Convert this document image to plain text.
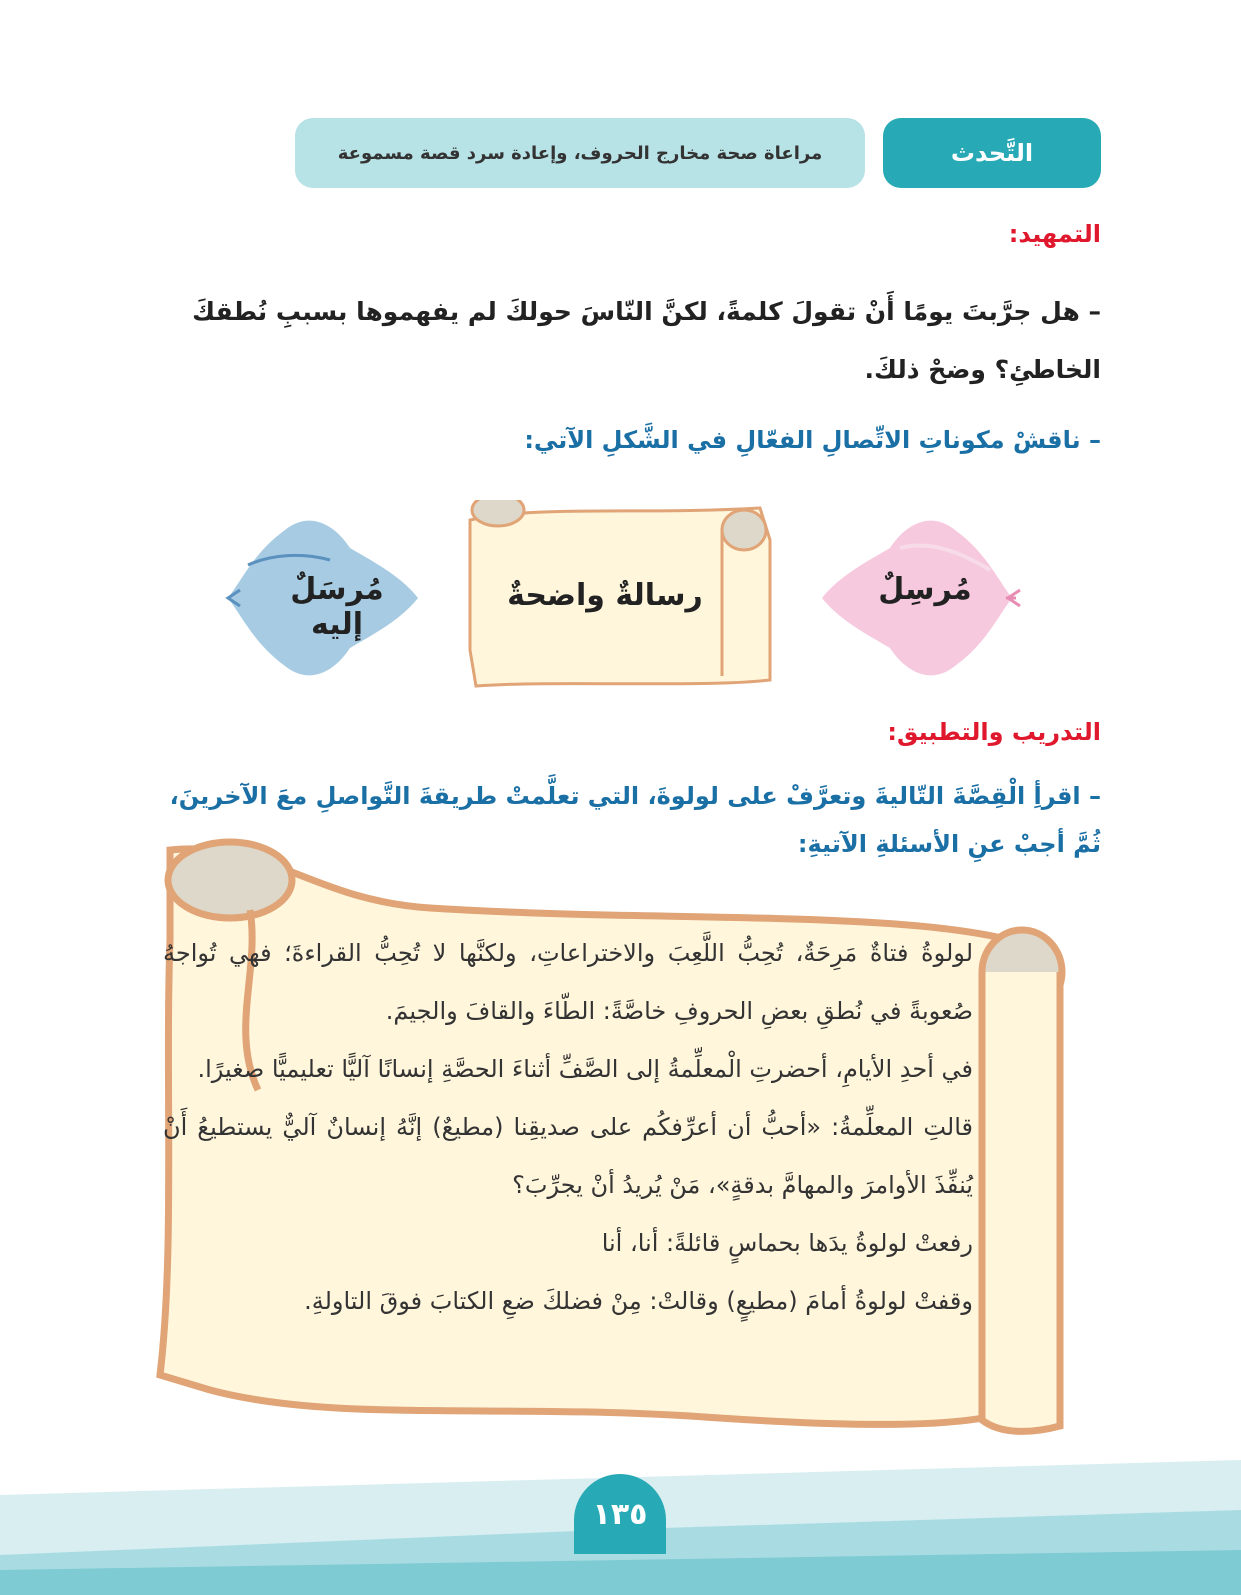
التَّحدث
مراعاة صحة مخارج الحروف، وإعادة سرد قصة مسموعة
التمهيد:
– هل جرَّبتَ يومًا أَنْ تقولَ كلمةً، لكنَّ النّاسَ حولكَ لم يفهموها بسببِ نُطقكَ الخاطئِ؟ وضحْ ذلكَ.
– ناقشْ مكوناتِ الاتِّصالِ الفعّالِ في الشَّكلِ الآتي:
مُرسِلٌ
رسالةٌ واضحةٌ
مُرسَلٌ إليه
التدريب والتطبيق:
– اقرأِ الْقِصَّةَ التّاليةَ وتعرَّفْ على لولوةَ، التي تعلَّمتْ طريقةَ التَّواصلِ معَ الآخرينَ،
ثُمَّ أجبْ عنِ الأسئلةِ الآتيةِ:

لولوةُ فتاةٌ مَرِحَةٌ، تُحِبُّ اللَّعِبَ والاختراعاتِ، ولكنَّها لا تُحِبُّ القراءةَ؛ فهي تُواجهُ صُعوبةً في نُطقِ بعضِ الحروفِ خاصَّةً: الطّاءَ والقافَ والجيمَ.

في أحدِ الأيامِ، أحضرتِ الْمعلِّمةُ إلى الصَّفِّ أثناءَ الحصَّةِ إنسانًا آليًّا تعليميًّا صغيرًا.

قالتِ المعلِّمةُ: «أحبُّ أن أعرِّفكُم على صديقِنا (مطيعٌ) إنَّهُ إنسانٌ آليٌّ يستطيعُ أَنْ يُنفِّذَ الأوامرَ والمهامَّ بدقةٍ»، مَنْ يُريدُ أنْ يجرِّبَ؟

رفعتْ لولوةُ يدَها بحماسٍ قائلةً: أنا، أنا

وقفتْ لولوةُ أمامَ (مطيعٍ) وقالتْ: مِنْ فضلكَ ضعِ الكتابَ فوقَ التاولةِ.

١٣٥
